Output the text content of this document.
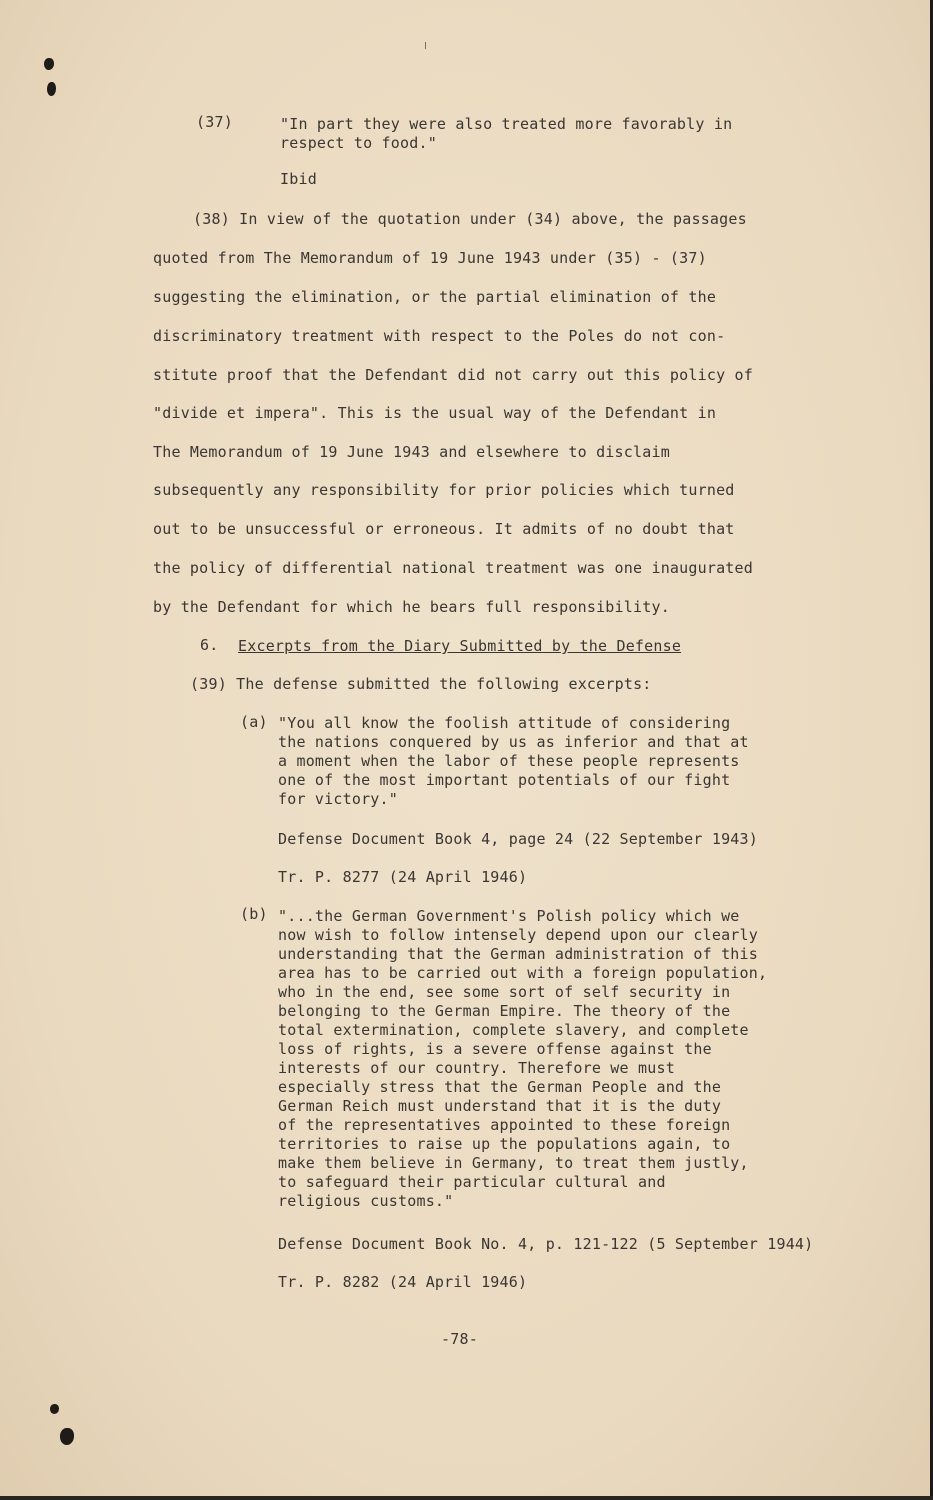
(37)	"In part they were also treated more favorably in
respect to food."
Ibid
(38) In view of the quotation under (34) above, the passages
quoted from The Memorandum of 19 June 1943 under (35) - (37)
suggesting the elimination, or the partial elimination of the
discriminatory treatment with respect to the Poles do not con-
stitute proof that the Defendant did not carry out this policy of
"divide et impera". This is the usual way of the Defendant in
The Memorandum of 19 June 1943 and elsewhere to disclaim
subsequently any responsibility for prior policies which turned
out to be unsuccessful or erroneous. It admits of no doubt that
the policy of differential national treatment was one inaugurated
by the Defendant for which he bears full responsibility.
6. Excerpts from the Diary Submitted by the Defense
(39) The defense submitted the following excerpts:
(a) "You all know the foolish attitude of considering
the nations conquered by us as inferior and that at
a moment when the labor of these people represents
one of the most important potentials of our fight
for victory."
Defense Document Book 4, page 24 (22 September 1943)
Tr. P. 8277 (24 April 1946)
(b) "...the German Government's Polish policy which we
now wish to follow intensely depend upon our clearly
understanding that the German administration of this
area has to be carried out with a foreign population,
who in the end, see some sort of self security in
belonging to the German Empire. The theory of the
total extermination, complete slavery, and complete
loss of rights, is a severe offense against the
interests of our country. Therefore we must
especially stress that the German People and the
German Reich must understand that it is the duty
of the representatives appointed to these foreign
territories to raise up the populations again, to
make them believe in Germany, to treat them justly,
to safeguard their particular cultural and
religious customs."
Defense Document Book No. 4, p. 121-122 (5 September 1944)
Tr. P. 8282 (24 April 1946)
-78-
